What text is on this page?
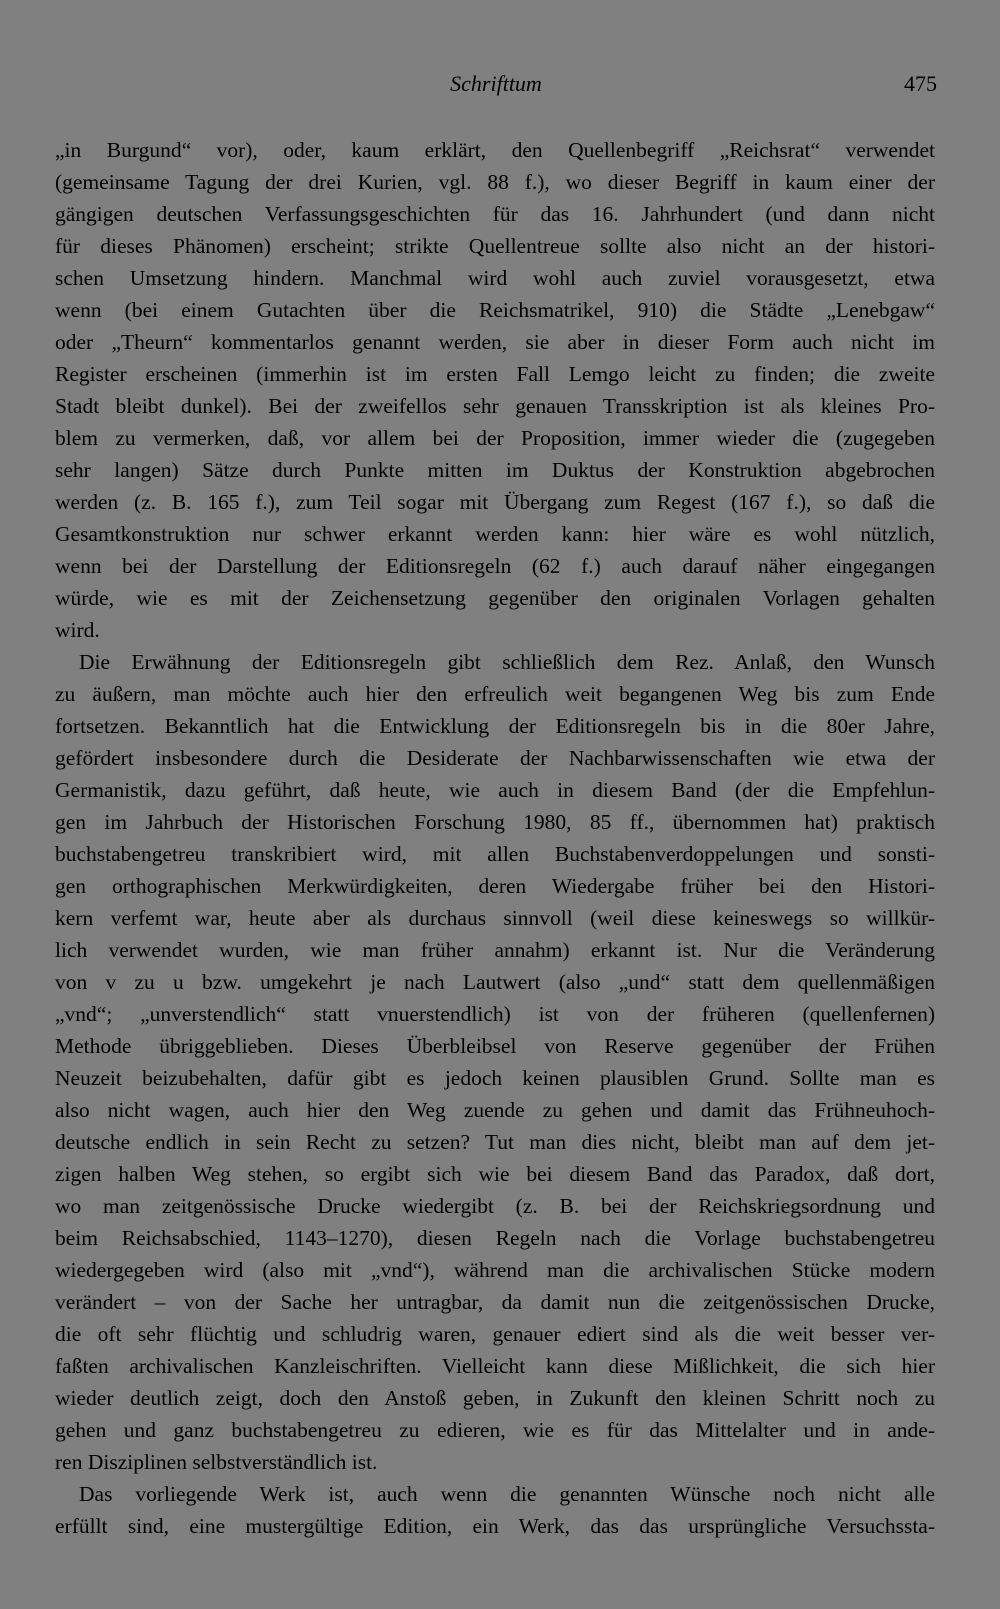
Schrifttum	475
„in Burgund“ vor), oder, kaum erklärt, den Quellenbegriff „Reichsrat“ verwendet
(gemeinsame Tagung der drei Kurien, vgl. 88 f.), wo dieser Begriff in kaum einer der
gängigen deutschen Verfassungsgeschichten für das 16. Jahrhundert (und dann nicht
für dieses Phänomen) erscheint; strikte Quellentreue sollte also nicht an der histori-
schen Umsetzung hindern. Manchmal wird wohl auch zuviel vorausgesetzt, etwa
wenn (bei einem Gutachten über die Reichsmatrikel, 910) die Städte „Lenebgaw“
oder „Theurn“ kommentarlos genannt werden, sie aber in dieser Form auch nicht im
Register erscheinen (immerhin ist im ersten Fall Lemgo leicht zu finden; die zweite
Stadt bleibt dunkel). Bei der zweifellos sehr genauen Transskription ist als kleines Pro-
blem zu vermerken, daß, vor allem bei der Proposition, immer wieder die (zugegeben
sehr langen) Sätze durch Punkte mitten im Duktus der Konstruktion abgebrochen
werden (z. B. 165 f.), zum Teil sogar mit Übergang zum Regest (167 f.), so daß die
Gesamtkonstruktion nur schwer erkannt werden kann: hier wäre es wohl nützlich,
wenn bei der Darstellung der Editionsregeln (62 f.) auch darauf näher eingegangen
würde, wie es mit der Zeichensetzung gegenüber den originalen Vorlagen gehalten
wird.
Die Erwähnung der Editionsregeln gibt schließlich dem Rez. Anlaß, den Wunsch
zu äußern, man möchte auch hier den erfreulich weit begangenen Weg bis zum Ende
fortsetzen. Bekanntlich hat die Entwicklung der Editionsregeln bis in die 80er Jahre,
gefördert insbesondere durch die Desiderate der Nachbarwissenschaften wie etwa der
Germanistik, dazu geführt, daß heute, wie auch in diesem Band (der die Empfehlun-
gen im Jahrbuch der Historischen Forschung 1980, 85 ff., übernommen hat) praktisch
buchstabengetreu transkribiert wird, mit allen Buchstabenverdoppelungen und sonsti-
gen orthographischen Merkwürdigkeiten, deren Wiedergabe früher bei den Histori-
kern verfemt war, heute aber als durchaus sinnvoll (weil diese keineswegs so willkür-
lich verwendet wurden, wie man früher annahm) erkannt ist. Nur die Veränderung
von v zu u bzw. umgekehrt je nach Lautwert (also „und“ statt dem quellenmäßigen
„vnd“; „unverstendlich“ statt vnuerstendlich) ist von der früheren (quellenfernen)
Methode übriggeblieben. Dieses Überbleibsel von Reserve gegenüber der Frühen
Neuzeit beizubehalten, dafür gibt es jedoch keinen plausiblen Grund. Sollte man es
also nicht wagen, auch hier den Weg zuende zu gehen und damit das Frühneuhoch-
deutsche endlich in sein Recht zu setzen? Tut man dies nicht, bleibt man auf dem jet-
zigen halben Weg stehen, so ergibt sich wie bei diesem Band das Paradox, daß dort,
wo man zeitgenössische Drucke wiedergibt (z. B. bei der Reichskriegsordnung und
beim Reichsabschied, 1143–1270), diesen Regeln nach die Vorlage buchstabengetreu
wiedergegeben wird (also mit „vnd“), während man die archivalischen Stücke modern
verändert – von der Sache her untragbar, da damit nun die zeitgenössischen Drucke,
die oft sehr flüchtig und schludrig waren, genauer ediert sind als die weit besser ver-
faßten archivalischen Kanzleischriften. Vielleicht kann diese Mißlichkeit, die sich hier
wieder deutlich zeigt, doch den Anstoß geben, in Zukunft den kleinen Schritt noch zu
gehen und ganz buchstabengetreu zu edieren, wie es für das Mittelalter und in ande-
ren Disziplinen selbstverständlich ist.
Das vorliegende Werk ist, auch wenn die genannten Wünsche noch nicht alle
erfüllt sind, eine mustergültige Edition, ein Werk, das das ursprüngliche Versuchssta-
